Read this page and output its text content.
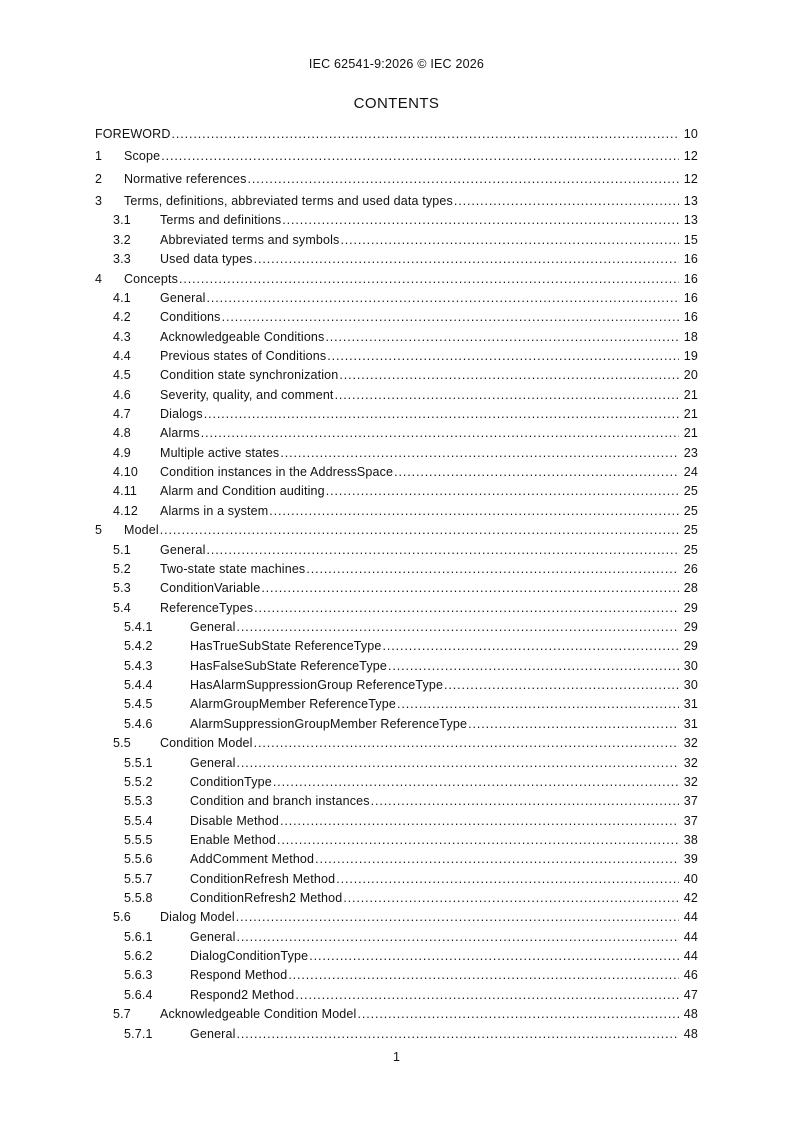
IEC 62541-9:2026 © IEC 2026
CONTENTS
FOREWORD .....	10
1	Scope .....	12
2	Normative references .....	12
3	Terms, definitions, abbreviated terms and used data types .....	13
3.1	Terms and definitions .....	13
3.2	Abbreviated terms and symbols .....	15
3.3	Used data types .....	16
4	Concepts .....	16
4.1	General .....	16
4.2	Conditions .....	16
4.3	Acknowledgeable Conditions .....	18
4.4	Previous states of Conditions .....	19
4.5	Condition state synchronization .....	20
4.6	Severity, quality, and comment .....	21
4.7	Dialogs .....	21
4.8	Alarms .....	21
4.9	Multiple active states .....	23
4.10	Condition instances in the AddressSpace .....	24
4.11	Alarm and Condition auditing .....	25
4.12	Alarms in a system .....	25
5	Model .....	25
5.1	General .....	25
5.2	Two-state state machines .....	26
5.3	ConditionVariable .....	28
5.4	ReferenceTypes .....	29
5.4.1	General .....	29
5.4.2	HasTrueSubState ReferenceType .....	29
5.4.3	HasFalseSubState ReferenceType .....	30
5.4.4	HasAlarmSuppressionGroup ReferenceType .....	30
5.4.5	AlarmGroupMember ReferenceType .....	31
5.4.6	AlarmSuppressionGroupMember ReferenceType .....	31
5.5	Condition Model .....	32
5.5.1	General .....	32
5.5.2	ConditionType .....	32
5.5.3	Condition and branch instances .....	37
5.5.4	Disable Method .....	37
5.5.5	Enable Method .....	38
5.5.6	AddComment Method .....	39
5.5.7	ConditionRefresh Method .....	40
5.5.8	ConditionRefresh2 Method .....	42
5.6	Dialog Model .....	44
5.6.1	General .....	44
5.6.2	DialogConditionType .....	44
5.6.3	Respond Method .....	46
5.6.4	Respond2 Method .....	47
5.7	Acknowledgeable Condition Model .....	48
5.7.1	General .....	48
1
